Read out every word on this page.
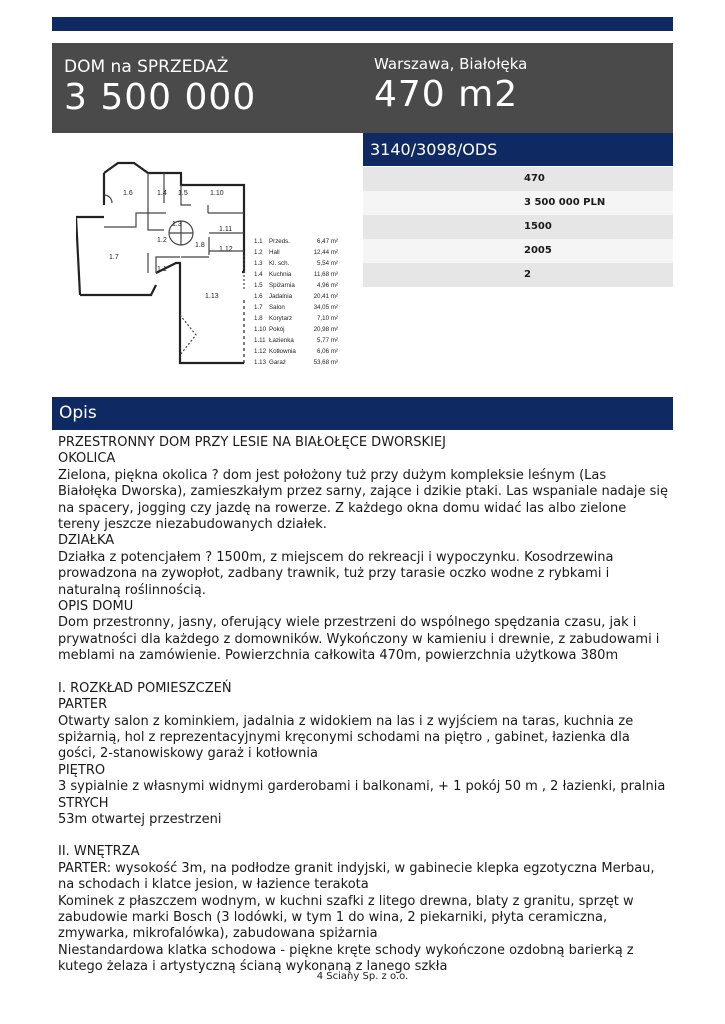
DOM na SPRZEDAŻ
3 500 000
Warszawa, Białołęka
470 m2
3140/3098/ODS
470
3 500 000 PLN
1500
2005
2
1.6	1.4 1.5	1.10
1.3
1.11
1.2
1.8
1.12
1.7
1.1
1.13
1.1 Przeds.	6,47 m²
1.2 Hall	12,44 m²
1.3 Kl. sch.	5,54 m²
1.4 Kuchnia	11,68 m²
1.5 Spiżarnia	4,96 m²
1.6 Jadalnia	20,41 m²
1.7 Salon	34,05 m²
1.8 Korytarz	7,10 m²
1.10 Pokój	20,98 m²
1.11 Łazienka	5,77 m²
1.12 Kotłownia	6,06 m²
1.13 Garaż	53,68 m²
Opis
PRZESTRONNY DOM PRZY LESIE NA BIAŁOŁĘCE DWORSKIEJ
OKOLICA
Zielona, piękna okolica ? dom jest położony tuż przy dużym kompleksie leśnym (Las Białołęka Dworska), zamieszkałym przez sarny, zające i dzikie ptaki. Las wspaniale nadaje się na spacery, jogging czy jazdę na rowerze. Z każdego okna domu widać las albo zielone tereny jeszcze niezabudowanych działek.
DZIAŁKA
Działka z potencjałem ? 1500m, z miejscem do rekreacji i wypoczynku. Kosodrzewina prowadzona na zywopłot, zadbany trawnik, tuż przy tarasie oczko wodne z rybkami i naturalną roślinnością.
OPIS DOMU
Dom przestronny, jasny, oferujący wiele przestrzeni do wspólnego spędzania czasu, jak i prywatności dla każdego z domowników. Wykończony w kamieniu i drewnie, z zabudowami i meblami na zamówienie. Powierzchnia całkowita 470m, powierzchnia użytkowa 380m
I. ROZKŁAD POMIESZCZEŃ
PARTER
Otwarty salon z kominkiem, jadalnia z widokiem na las i z wyjściem na taras, kuchnia ze spiżarnią, hol z reprezentacyjnymi kręconymi schodami na piętro , gabinet, łazienka dla gości, 2-stanowiskowy garaż i kotłownia
PIĘTRO
3 sypialnie z własnymi widnymi garderobami i balkonami, + 1 pokój 50 m , 2 łazienki, pralnia
STRYCH
53m otwartej przestrzeni
II. WNĘTRZA
PARTER: wysokość 3m, na podłodze granit indyjski, w gabinecie klepka egzotyczna Merbau, na schodach i klatce jesion, w łazience terakota
Kominek z płaszczem wodnym, w kuchni szafki z litego drewna, blaty z granitu, sprzęt w zabudowie marki Bosch (3 lodówki, w tym 1 do wina, 2 piekarniki, płyta ceramiczna, zmywarka, mikrofalówka), zabudowana spiżarnia
Niestandardowa klatka schodowa - piękne kręte schody wykończone ozdobną barierką z kutego żelaza i artystyczną ścianą wykonaną z lanego szkła
4 Ściany Sp. z o.o.
